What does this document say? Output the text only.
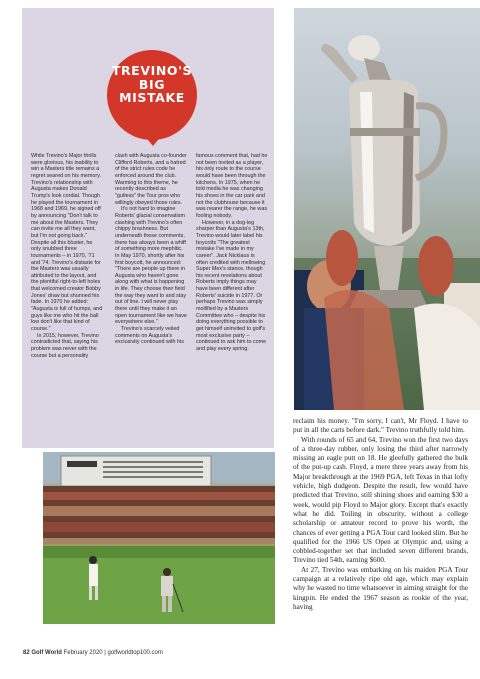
TREVINO'S
BIG
MISTAKE

While Trevino's Major thrills were glorious, his inability to win a Masters title remains a regret seared on his memory. Trevino's relationship with Augusta makes Donald Trump's look cordial. Though he played the tournament in 1968 and 1969, he signed off by announcing "Don't talk to me about the Masters. They can invite me all they want, but I'm not going back." Despite all this bluster, he only snubbed three tournaments – in 1970, '71 and '74. Trevino's distaste for the Masters was usually attributed to the layout, and the plentiful right-to-left holes that welcomed creator Bobby Jones' draw but shunned his fade. In 1970 he added: "Augusta is full of humps, and guys like me who hit the ball low don't like that kind of course."

In 2015, however, Trevino contradicted that, saying his problem was never with the course but a personality

clash with Augusta co-founder Clifford Roberts, and a hatred of the strict rules code he enforced around the club. Warming to this theme, he recently described as "gutless" the Tour pros who willingly obeyed those rules.

It's not hard to imagine Roberts' glacial conservatism clashing with Trevino's often chippy brashness. But underneath these comments, there has always been a whiff of something more mephitic. In May 1970, shortly after his first boycott, he announced: "There are people up there in Augusta who haven't gone along with what is happening in life. They choose their field the way they want to and stay out of line. I will never play there until they make it an open tournament like we have everywhere else."

Trevino's scarcely veiled comments on Augusta's exclusivity continued with his

famous comment that, had he not been invited as a player, his only route to the course would have been through the kitchens. In 1975, when he told media he was changing his shoes in the car park and not the clubhouse because it was nearer the range, he was fooling nobody.

However, in a dog-leg sharper than Augusta's 13th, Trevino would later label his boycotts "The greatest mistake I've made in my career". Jack Nicklaus is often credited with mellowing Super Mex's stance, though his recent revelations about Roberts imply things may have been different after Roberts' suicide in 1977. Or perhaps Trevino was simply mollified by a Masters Committee who – despite his doing everything possible to get himself uninvited to golf's most exclusive party – continued to ask him to come and play every spring.

reclaim his money. "I'm sorry, I can't, Mr Floyd. I have to put in all the carts before dark." Trevino truthfully told him.

With rounds of 65 and 64, Trevino won the first two days of a three-day rubber, only losing the third after narrowly missing an eagle putt on 18. He gleefully gathered the bulk of the put-up cash. Floyd, a mere three years away from his Major breakthrough at the 1969 PGA, left Texas in that lofty vehicle, high dudgeon. Despite the result, few would have predicted that Trevino, still shining shoes and earning $30 a week, would pip Floyd to Major glory. Except that's exactly what he did. Toiling in obscurity, without a college scholarship or amateur record to prove his worth, the chances of ever getting a PGA Tour card looked slim. But he qualified for the 1966 US Open at Olympic and, using a cobbled-together set that included seven different brands, Trevino tied 54th, earning $600.

At 27, Trevino was embarking on his maiden PGA Tour campaign at a relatively ripe old age, which may explain why he wasted no time whatsoever in aiming straight for the kingpin. He ended the 1967 season as rookie of the year, having

82 Golf World February 2020 | golfworldtop100.com
